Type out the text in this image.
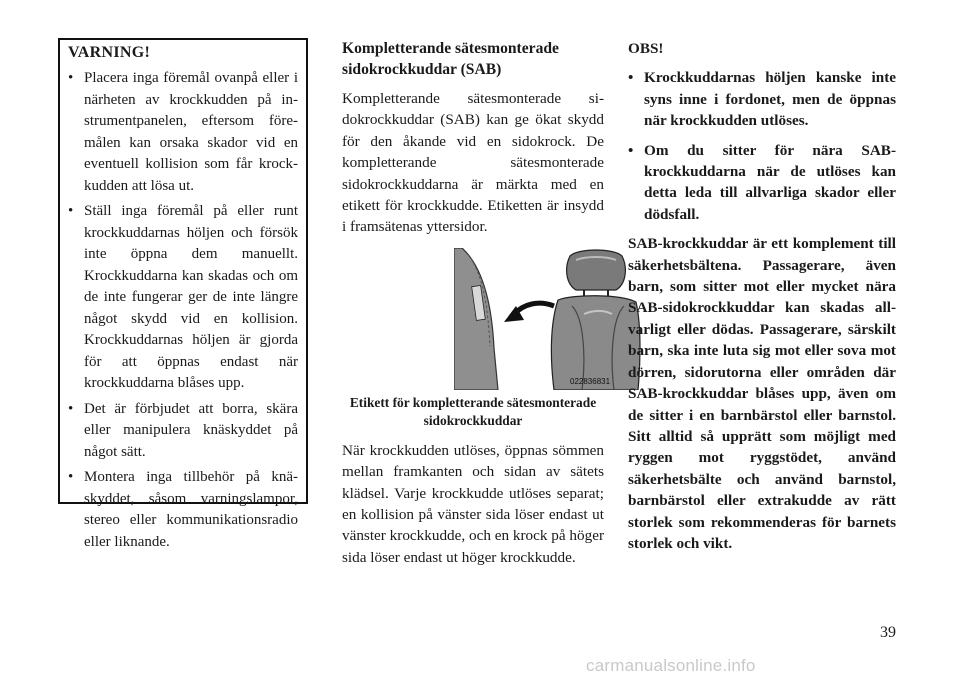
VARNING!
• Placera inga föremål ovanpå eller i närheten av krockkudden på instrumentpanelen, eftersom föremålen kan orsaka skador vid en eventuell kollision som får krockkudden att lösa ut.
• Ställ inga föremål på eller runt krockkuddarnas höljen och försök inte öppna dem manuellt. Krockkuddarna kan skadas och om de inte fungerar ger de inte längre något skydd vid en kollision. Krockkuddarnas höljen är gjorda för att öppnas endast när krockkuddarna blåses upp.
• Det är förbjudet att borra, skära eller manipulera knäskyddet på något sätt.
• Montera inga tillbehör på knäskyddet, såsom varningslampor, stereo eller kommunikationsradio eller liknande.
Kompletterande sätesmonterade sidokrockkuddar (SAB)

Kompletterande sätesmonterade sidokrockkuddar (SAB) kan ge ökat skydd för den åkande vid en sidokrock. De kompletterande sätesmonterade sidokrockkuddarna är märkta med en etikett för krockkudde. Etiketten är insydd i framsätenas yttersidor.

022836831
Etikett för kompletterande sätesmonterade sidokrockkuddar

När krockkudden utlöses, öppnas sömmen mellan framkanten och sidan av sätets klädsel. Varje krockkudde utlöses separat; en kollision på vänster sida löser endast ut vänster krockkudde, och en krock på höger sida löser endast ut höger krockkudde.

OBS!
• Krockkuddarnas höljen kanske inte syns inne i fordonet, men de öppnas när krockkudden utlöses.
• Om du sitter för nära SAB-krockkuddarna när de utlöses kan detta leda till allvarliga skador eller dödsfall.

SAB-krockkuddar är ett komplement till säkerhetsbältena. Passagerare, även barn, som sitter mot eller mycket nära SAB-sidokrockkuddar kan skadas allvarligt eller dödas. Passagerare, särskilt barn, ska inte luta sig mot eller sova mot dörren, sidorutorna eller områden där SAB-krockkuddar blåses upp, även om de sitter i en barnbärstol eller barnstol. Sitt alltid så upprätt som möjligt med ryggen mot ryggstödet, använd säkerhetsbälte och använd barnstol, barnbärstol eller extrakudde av rätt storlek som rekommenderas för barnets storlek och vikt.

39
carmanualsonline.info
